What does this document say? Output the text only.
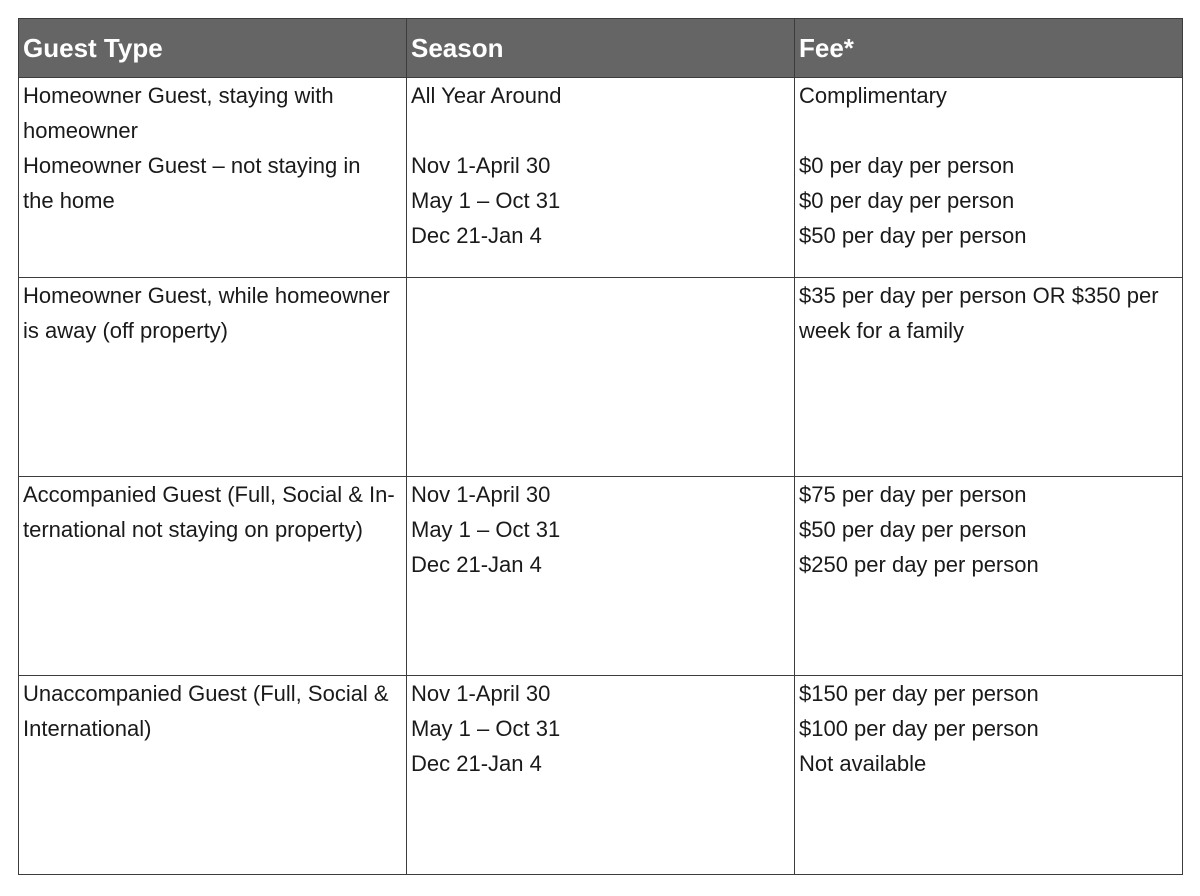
Guest Type	Season	Fee*

Homeowner Guest, staying with
homeowner
Homeowner Guest – not staying in
the home	All Year Around
Nov 1-April 30
May 1 – Oct 31
Dec 21-Jan 4	Complimentary
$0 per day per person
$0 per day per person
$50 per day per person

Homeowner Guest, while homeowner
is away (off property)		$35 per day per person OR $350 per
week for a family

Accompanied Guest (Full, Social & In-
ternational not staying on property)	Nov 1-April 30
May 1 – Oct 31
Dec 21-Jan 4	$75 per day per person
$50 per day per person
$250 per day per person

Unaccompanied Guest (Full, Social &
International)	Nov 1-April 30
May 1 – Oct 31
Dec 21-Jan 4	$150 per day per person
$100 per day per person
Not available
